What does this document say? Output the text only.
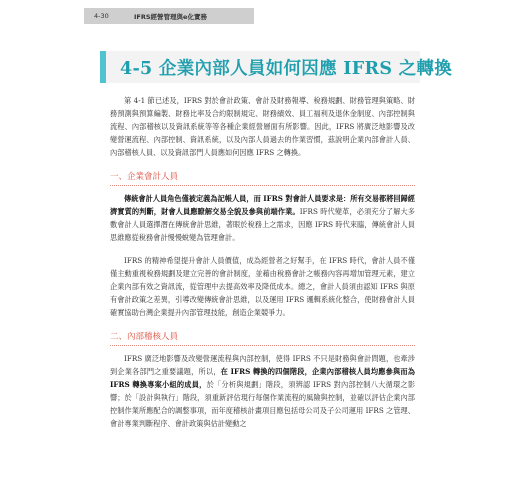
4-30	IFRS經營管理與e化實務
4-5 企業內部人員如何因應 IFRS 之轉換

第 4-1 節已述及，IFRS 對於會計政策、會計及財務報導、稅務規劃、財務管理與策略、財務預測與預算編製、財務比率及合約限制規定、財務績效、員工福利及退休金制度、內部控制與流程、內部稽核以及資訊系統等等各種企業經營層面有所影響。因此，IFRS 將廣泛地影響及改變營運流程、內部控制、資訊系統，以及內部人員過去的作業習慣，茲說明企業內部會計人員、內部稽核人員、以及資訊部門人員應如何因應 IFRS 之轉換。

一、企業會計人員

傳統會計人員角色僅被定義為記帳人員，而 IFRS 對會計人員要求是：所有交易都將回歸經濟實質的判斷，財會人員應瞭解交易全貌及參與前端作業。IFRS 時代變革，必須充分了解大多數會計人員選擇潛在傳統會計思維，著眼於稅務上之需求，因應 IFRS 時代來臨，傳統會計人員思維應從稅務會計慢慢蛻變為管理會計。

IFRS 的精神希望提升會計人員價值，成為經營者之好幫手，在 IFRS 時代，會計人員不僅僅主動重視稅務規劃及建立完善的會計制度，並藉由稅務會計之帳務內容再增加管理元素，建立企業內部有效之資訊流，從管理中去提高效率及降低成本。總之，會計人員須由認知 IFRS 與原有會計政策之差異，引導改變傳統會計思維，以及運用 IFRS 邏輯系統化整合，使財務會計人員確實協助台灣企業提升內部管理技能，創造企業競爭力。

二、內部稽核人員

IFRS 廣泛地影響及改變營運流程與內部控制，使得 IFRS 不只是財務與會計問題，也牽涉到企業各部門之重要議題，所以，在 IFRS 轉換的四個階段，企業內部稽核人員均應參與而為 IFRS 轉換專案小組的成員，於「分析與規劃」階段，須辨認 IFRS 對內部控制八大循環之影響；於「設計與執行」階段，須重新評估現行每個作業流程的風險與控制，並確以評估企業內部控制作業所應配合的調整事項，而年度稽核計畫項目應包括母公司及子公司運用 IFRS 之管理、會計專業判斷程序、會計政策與估計變動之
